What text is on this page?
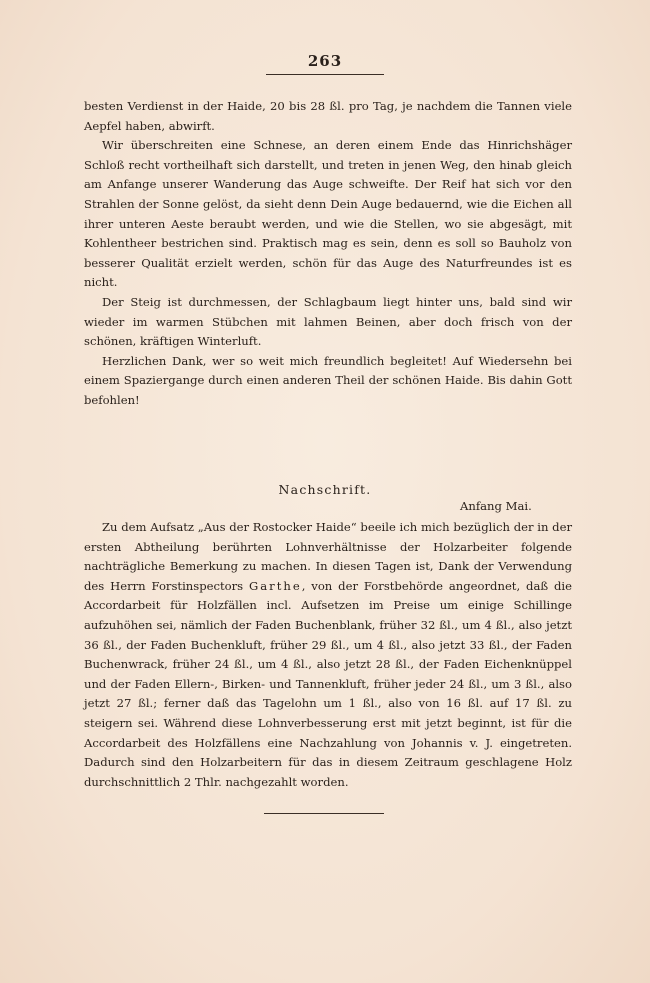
263

besten Verdienst in der Haide, 20 bis 28 ßl. pro Tag, je nachdem die Tannen viele Aepfel haben, abwirft.

Wir überschreiten eine Schnese, an deren einem Ende das Hinrichshäger Schloß recht vortheilhaft sich darstellt, und treten in jenen Weg, den hinab gleich am Anfange unserer Wanderung das Auge schweifte. Der Reif hat sich vor den Strahlen der Sonne gelöst, da sieht denn Dein Auge bedauernd, wie die Eichen all ihrer unteren Aeste beraubt werden, und wie die Stellen, wo sie abgesägt, mit Kohlentheer bestrichen sind. Praktisch mag es sein, denn es soll so Bauholz von besserer Qualität erzielt werden, schön für das Auge des Naturfreundes ist es nicht.

Der Steig ist durchmessen, der Schlagbaum liegt hinter uns, bald sind wir wieder im warmen Stübchen mit lahmen Beinen, aber doch frisch von der schönen, kräftigen Winterluft.

Herzlichen Dank, wer so weit mich freundlich begleitet! Auf Wiedersehn bei einem Spaziergange durch einen anderen Theil der schönen Haide. Bis dahin Gott befohlen!

Nachschrift.
Anfang Mai.

Zu dem Aufsatz „Aus der Rostocker Haide“ beeile ich mich bezüglich der in der ersten Abtheilung berührten Lohnverhältnisse der Holzarbeiter folgende nachträgliche Bemerkung zu machen. In diesen Tagen ist, Dank der Verwendung des Herrn Forstinspectors Garthe, von der Forstbehörde angeordnet, daß die Accordarbeit für Holzfällen incl. Aufsetzen im Preise um einige Schillinge aufzuhöhen sei, nämlich der Faden Buchenblank, früher 32 ßl., um 4 ßl., also jetzt 36 ßl., der Faden Buchenkluft, früher 29 ßl., um 4 ßl., also jetzt 33 ßl., der Faden Buchenwrack, früher 24 ßl., um 4 ßl., also jetzt 28 ßl., der Faden Eichenknüppel und der Faden Ellern-, Birken- und Tannenkluft, früher jeder 24 ßl., um 3 ßl., also jetzt 27 ßl.; ferner daß das Tagelohn um 1 ßl., also von 16 ßl. auf 17 ßl. zu steigern sei. Während diese Lohnverbesserung erst mit jetzt beginnt, ist für die Accordarbeit des Holzfällens eine Nachzahlung von Johannis v. J. eingetreten. Dadurch sind den Holzarbeitern für das in diesem Zeitraum geschlagene Holz durchschnittlich 2 Thlr. nachgezahlt worden.
